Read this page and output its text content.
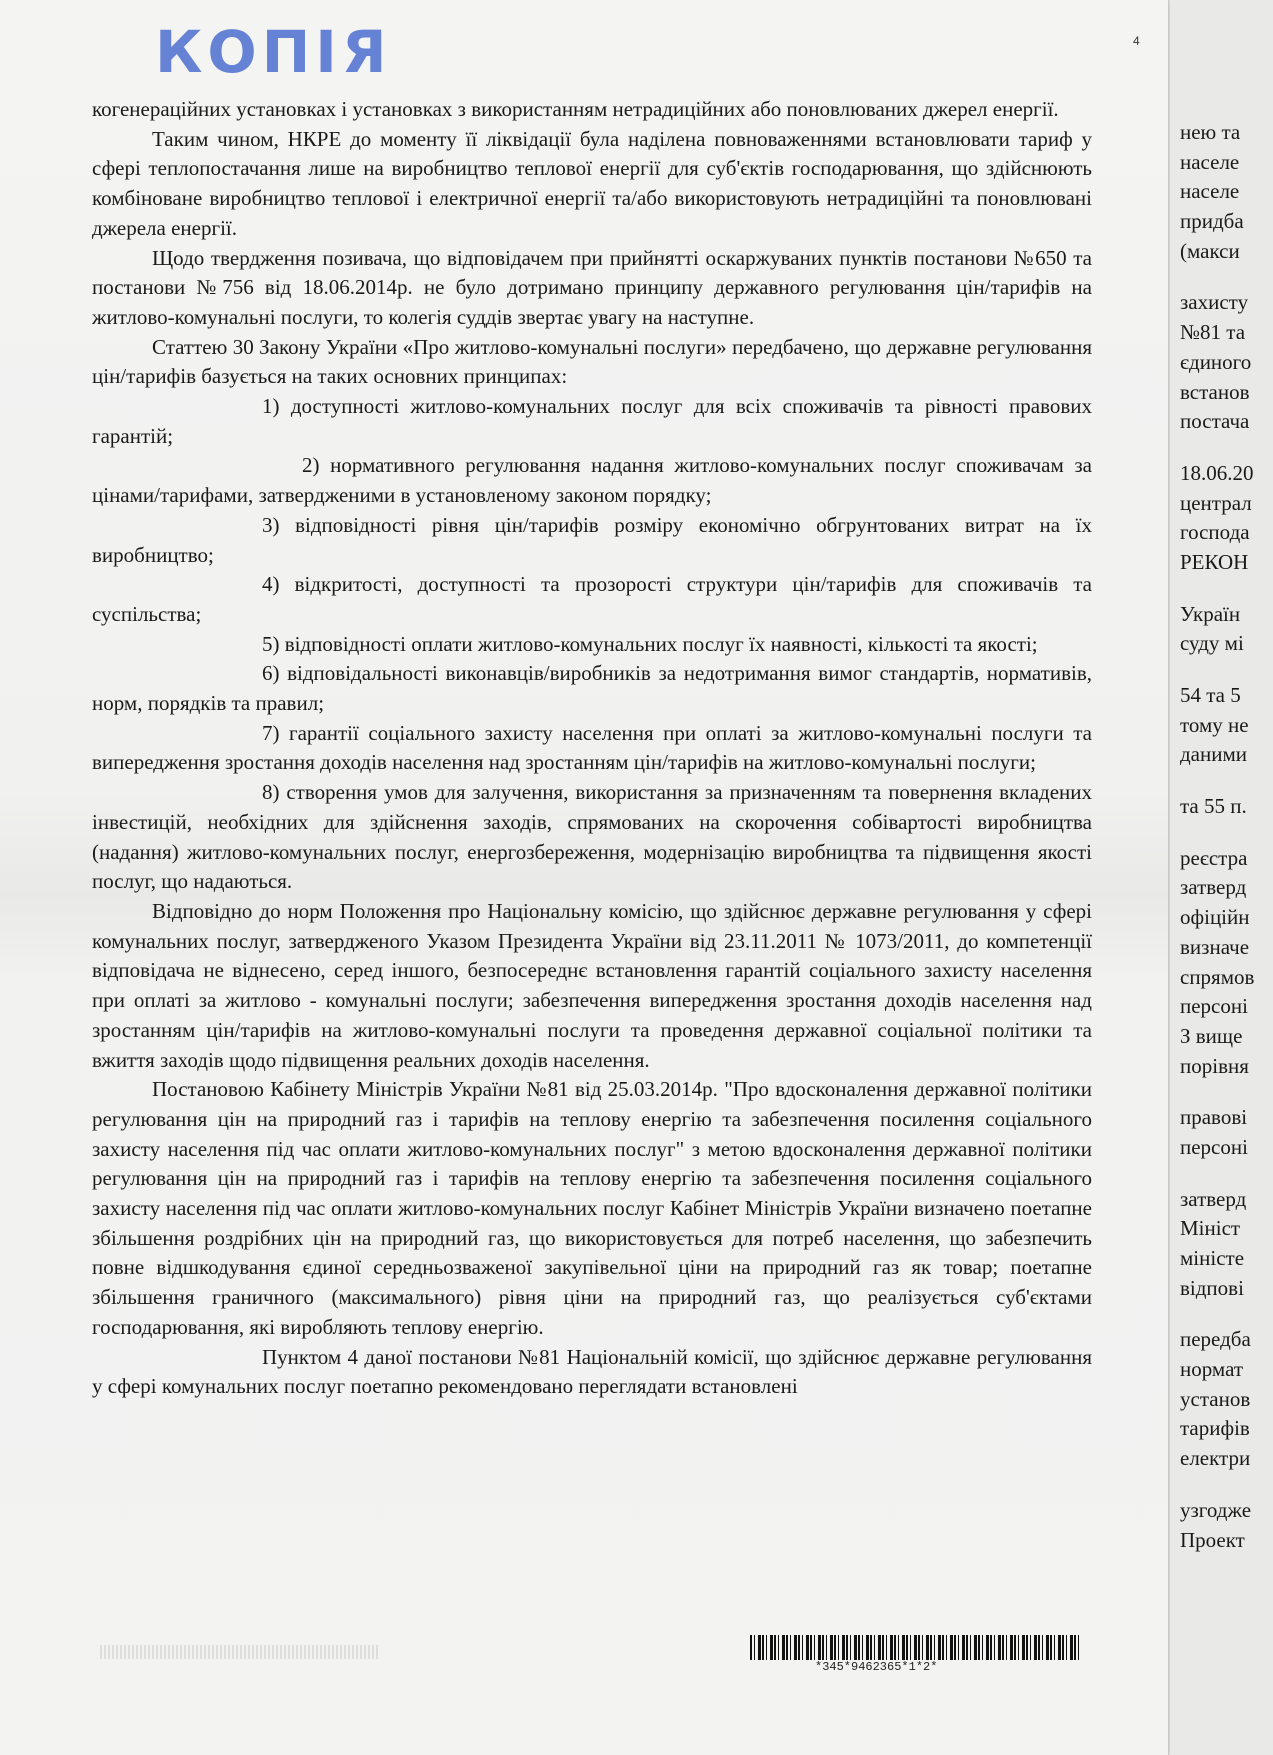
КОПІЯ	4

когенераційних установках і установках з використанням нетрадиційних або поновлюваних джерел енергії.

Таким чином, НКРЕ до моменту її ліквідації була наділена повноваженнями встановлювати тариф у сфері теплопостачання лише на виробництво теплової енергії для суб'єктів господарювання, що здійснюють комбіноване виробництво теплової і електричної енергії та/або використовують нетрадиційні та поновлювані джерела енергії.

Щодо твердження позивача, що відповідачем при прийнятті оскаржуваних пунктів постанови №650 та постанови №756 від 18.06.2014р. не було дотримано принципу державного регулювання цін/тарифів на житлово-комунальні послуги, то колегія суддів звертає увагу на наступне.

Статтею 30 Закону України «Про житлово-комунальні послуги» передбачено, що державне регулювання цін/тарифів базується на таких основних принципах:

1) доступності житлово-комунальних послуг для всіх споживачів та рівності правових гарантій;

2) нормативного регулювання надання житлово-комунальних послуг споживачам за цінами/тарифами, затвердженими в установленому законом порядку;

3) відповідності рівня цін/тарифів розміру економічно обгрунтованих витрат на їх виробництво;

4) відкритості, доступності та прозорості структури цін/тарифів для споживачів та суспільства;

5) відповідності оплати житлово-комунальних послуг їх наявності, кількості та якості;

6) відповідальності виконавців/виробників за недотримання вимог стандартів, нормативів, норм, порядків та правил;

7) гарантії соціального захисту населення при оплаті за житлово-комунальні послуги та випередження зростання доходів населення над зростанням цін/тарифів на житлово-комунальні послуги;

8) створення умов для залучення, використання за призначенням та повернення вкладених інвестицій, необхідних для здійснення заходів, спрямованих на скорочення собівартості виробництва (надання) житлово-комунальних послуг, енергозбереження, модернізацію виробництва та підвищення якості послуг, що надаються.

Відповідно до норм Положення про Національну комісію, що здійснює державне регулювання у сфері комунальних послуг, затвердженого Указом Президента України від 23.11.2011 № 1073/2011, до компетенції відповідача не віднесено, серед іншого, безпосереднє встановлення гарантій соціального захисту населення при оплаті за житлово - комунальні послуги; забезпечення випередження зростання доходів населення над зростанням цін/тарифів на житлово-комунальні послуги та проведення державної соціальної політики та вжиття заходів щодо підвищення реальних доходів населення.

Постановою Кабінету Міністрів України №81 від 25.03.2014р. "Про вдосконалення державної політики регулювання цін на природний газ і тарифів на теплову енергію та забезпечення посилення соціального захисту населення під час оплати житлово-комунальних послуг" з метою вдосконалення державної політики регулювання цін на природний газ і тарифів на теплову енергію та забезпечення посилення соціального захисту населення під час оплати житлово-комунальних послуг Кабінет Міністрів України визначено поетапне збільшення роздрібних цін на природний газ, що використовується для потреб населення, що забезпечить повне відшкодування єдиної середньозваженої закупівельної ціни на природний газ як товар; поетапне збільшення граничного (максимального) рівня ціни на природний газ, що реалізується суб'єктами господарювання, які виробляють теплову енергію.

Пунктом 4 даної постанови №81 Національній комісії, що здійснює державне регулювання у сфері комунальних послуг поетапно рекомендовано переглядати встановлені

*345*9462365*1*2*
нею та
населе
населе
придба
(макси
захисту
№81 та
єдиного
встанов
постача
18.06.20
централ
господа
РЕКОН
Україн
суду мі
54 та 5
тому не
даними
та 55 п.
реєстра
затверд
офіційн
визначе
спрямов
персоні
З вище
порівня
правові
персоні
затверд
Мініст
міністе
відпові
передба
нормат
установ
тарифів
електри
узгодже
Проект
